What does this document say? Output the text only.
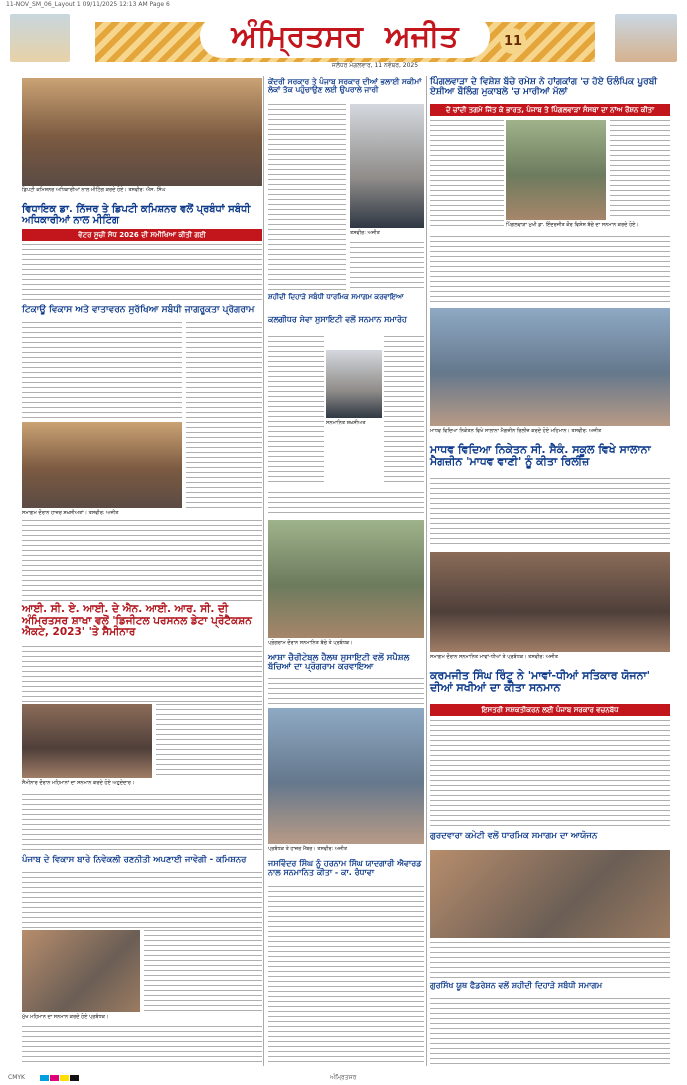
11-NOV_SM_06_Layout 1 09/11/2025 12:13 AM Page 6
ਅੰਮ੍ਰਿਤਸਰ ਅਜੀਤ	11
ਜਲੰਧਰ ਮੰਗਲਵਾਰ, 11 ਨਵੰਬਰ, 2025
ਡਿਪਟੀ ਕਮਿਸ਼ਨਰ ਅਧਿਕਾਰੀਆਂ ਨਾਲ ਮੀਟਿੰਗ ਕਰਦੇ ਹੋਏ। ਤਸਵੀਰ: ਐਸ. ਸਿੰਘ
ਵਿਧਾਇਕ ਡਾ. ਨਿੱਜਰ ਤੇ ਡਿਪਟੀ ਕਮਿਸ਼ਨਰ ਵਲੋਂ ਪ੍ਰਬੰਧਾਂ ਸਬੰਧੀ ਅਧਿਕਾਰੀਆਂ ਨਾਲ ਮੀਟਿੰਗ
ਵੋਟਰ ਸੂਚੀ ਸੋਧ 2026 ਦੀ ਸਮੀਖਿਆ ਕੀਤੀ ਗਈ
ਟਿਕਾਊ ਵਿਕਾਸ ਅਤੇ ਵਾਤਾਵਰਨ ਸੁਰੱਖਿਆ ਸਬੰਧੀ ਜਾਗਰੂਕਤਾ ਪ੍ਰੋਗਰਾਮ
ਸਮਾਗਮ ਦੌਰਾਨ ਹਾਜ਼ਰ ਸ਼ਖ਼ਸੀਅਤਾਂ। ਤਸਵੀਰ: ਅਜੀਤ
ਆਈ. ਸੀ. ਏ. ਆਈ. ਦੇ ਐਨ. ਆਈ. ਆਰ. ਸੀ. ਦੀ ਅੰਮ੍ਰਿਤਸਰ ਸ਼ਾਖਾ ਵਲੋਂ 'ਡਿਜੀਟਲ ਪਰਸਨਲ ਡੇਟਾ ਪ੍ਰੋਟੈਕਸ਼ਨ ਐਕਟ, 2023' 'ਤੇ ਸੈਮੀਨਾਰ
ਸੈਮੀਨਾਰ ਦੌਰਾਨ ਮਹਿਮਾਨਾਂ ਦਾ ਸਨਮਾਨ ਕਰਦੇ ਹੋਏ ਅਹੁਦੇਦਾਰ।
ਪੰਜਾਬ ਦੇ ਵਿਕਾਸ ਬਾਰੇ ਨਿਵੇਕਲੀ ਰਣਨੀਤੀ ਅਪਣਾਈ ਜਾਵੇਗੀ - ਕਮਿਸ਼ਨਰ
ਮੁੱਖ ਮਹਿਮਾਨ ਦਾ ਸਨਮਾਨ ਕਰਦੇ ਹੋਏ ਪ੍ਰਬੰਧਕ।
ਕੇਂਦਰੀ ਸਰਕਾਰ ਤੇ ਪੰਜਾਬ ਸਰਕਾਰ ਦੀਆਂ ਭਲਾਈ ਸਕੀਮਾਂ ਲੋਕਾਂ ਤੱਕ ਪਹੁੰਚਾਉਣ ਲਈ ਉਪਰਾਲੇ ਜਾਰੀ
ਤਸਵੀਰ: ਅਜੀਤ
ਸ਼ਹੀਦੀ ਦਿਹਾੜੇ ਸਬੰਧੀ ਧਾਰਮਿਕ ਸਮਾਗਮ ਕਰਵਾਇਆ
ਕਲਗੀਧਰ ਸੇਵਾ ਸੁਸਾਇਟੀ ਵਲੋਂ ਸਨਮਾਨ ਸਮਾਰੋਹ
ਸਨਮਾਨਿਤ ਸ਼ਖ਼ਸੀਅਤ
ਪ੍ਰੋਗਰਾਮ ਦੌਰਾਨ ਸਨਮਾਨਿਤ ਬੱਚੇ ਤੇ ਪ੍ਰਬੰਧਕ।
ਆਸ਼ਾ ਚੈਰੀਟੇਬਲ ਹੈਲਥ ਸੁਸਾਇਟੀ ਵਲੋਂ ਸਪੈਸ਼ਲ ਬੱਚਿਆਂ ਦਾ ਪ੍ਰੋਗਰਾਮ ਕਰਵਾਇਆ
ਪ੍ਰਬੰਧਕ ਤੇ ਹਾਜ਼ਰ ਮੈਂਬਰ। ਤਸਵੀਰ: ਅਜੀਤ
ਜਸਵਿੰਦਰ ਸਿੰਘ ਨੂੰ ਹਰਨਾਮ ਸਿੰਘ ਯਾਦਗਾਰੀ ਐਵਾਰਡ ਨਾਲ ਸਨਮਾਨਿਤ ਕੀਤਾ - ਕਾ. ਰੰਧਾਵਾ
ਪਿੰਗਲਵਾੜਾ ਦੇ ਵਿਸ਼ੇਸ਼ ਬੱਚੇ ਰਮੇਸ਼ ਨੇ ਹਾਂਗਕਾਂਗ 'ਚ ਹੋਏ ਓਲੰਪਿਕ ਪੂਰਬੀ ਏਸ਼ੀਆ ਬੌਲਿੰਗ ਮੁਕਾਬਲੇ 'ਚ ਮਾਰੀਆਂ ਮੱਲਾਂ
ਦੋ ਚਾਂਦੀ ਤਗਮੇ ਜਿੱਤ ਕੇ ਭਾਰਤ, ਪੰਜਾਬ ਤੇ ਪਿੰਗਲਵਾੜਾ ਸੰਸਥਾ ਦਾ ਨਾਂਅ ਰੌਸ਼ਨ ਕੀਤਾ
ਪਿੰਗਲਵਾੜਾ ਮੁਖੀ ਡਾ. ਇੰਦਰਜੀਤ ਕੌਰ ਵਿਸ਼ੇਸ਼ ਬੱਚੇ ਦਾ ਸਨਮਾਨ ਕਰਦੇ ਹੋਏ।
ਮਾਧਵ ਵਿਦਿਆ ਨਿਕੇਤਨ ਵਿਖੇ ਸਾਲਾਨਾ ਮੈਗਜ਼ੀਨ ਰਿਲੀਜ਼ ਕਰਦੇ ਹੋਏ ਮਹਿਮਾਨ। ਤਸਵੀਰ: ਅਜੀਤ
ਮਾਧਵ ਵਿਦਿਆ ਨਿਕੇਤਨ ਸੀ. ਸੈਕੰ. ਸਕੂਲ ਵਿਖੇ ਸਾਲਾਨਾ ਮੈਗਜ਼ੀਨ 'ਮਾਧਵ ਵਾਣੀ' ਨੂੰ ਕੀਤਾ ਰਿਲੀਜ਼
ਸਮਾਗਮ ਦੌਰਾਨ ਸਨਮਾਨਿਤ ਮਾਵਾਂ-ਧੀਆਂ ਤੇ ਪ੍ਰਬੰਧਕ। ਤਸਵੀਰ: ਅਜੀਤ
ਕਰਮਜੀਤ ਸਿੰਘ ਰਿੰਟੂ ਨੇ 'ਮਾਵਾਂ-ਧੀਆਂ ਸਤਿਕਾਰ ਯੋਜਨਾ' ਦੀਆਂ ਸਖੀਆਂ ਦਾ ਕੀਤਾ ਸਨਮਾਨ
ਇਸਤਰੀ ਸਸ਼ਕਤੀਕਰਨ ਲਈ ਪੰਜਾਬ ਸਰਕਾਰ ਵਚਨਬੱਧ
ਗੁਰਦਵਾਰਾ ਕਮੇਟੀ ਵਲੋਂ ਧਾਰਮਿਕ ਸਮਾਗਮ ਦਾ ਆਯੋਜਨ
ਗੁਰਸਿੱਖ ਯੂਥ ਫੈਡਰੇਸ਼ਨ ਵਲੋਂ ਸ਼ਹੀਦੀ ਦਿਹਾੜੇ ਸਬੰਧੀ ਸਮਾਗਮ
CMYK	ਅੰਮ੍ਰਿਤਸਰ
